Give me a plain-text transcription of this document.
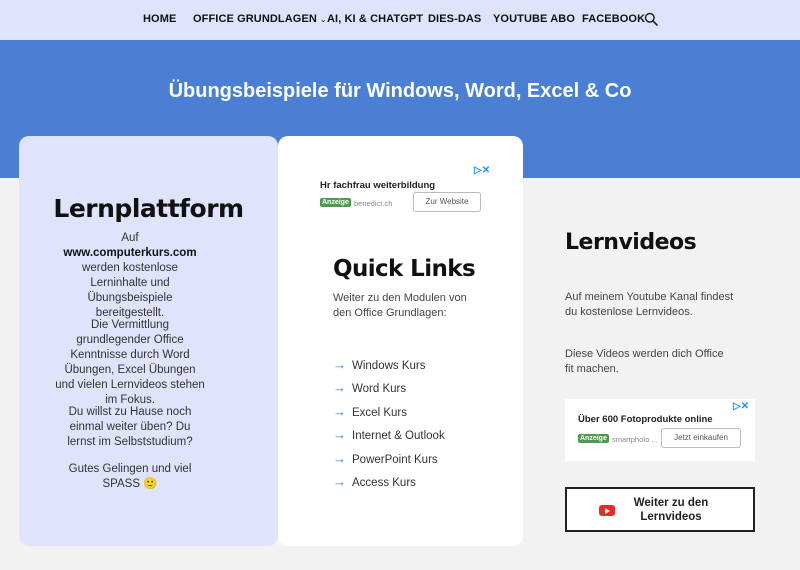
HOME OFFICE GRUNDLAGEN ⌄ AI, KI & CHATGPT DIES-DAS YOUTUBE ABO FACEBOOK
Übungsbeispiele für Windows, Word, Excel & Co
Lernplattform
Auf www.computerkurs.com werden kostenlose Lerninhalte und Übungsbeispiele bereitgestellt.
Die Vermittlung grundlegender Office Kenntnisse durch Word Übungen, Excel Übungen und vielen Lernvideos stehen im Fokus.
Du willst zu Hause noch einmal weiter üben? Du lernst im Selbststudium?
Gutes Gelingen und viel SPASS 🙂
▷✕
Hr fachfrau weiterbildung
Anzeige benedict.ch	Zur Website
Quick Links
Weiter zu den Modulen von den Office Grundlagen:
→ Windows Kurs
→ Word Kurs
→ Excel Kurs
→ Internet & Outlook
→ PowerPoint Kurs
→ Access Kurs
Lernvideos
Auf meinem Youtube Kanal findest du kostenlose Lernvideos.
Diese Videos werden dich Office fit machen.
▷✕
Über 600 Fotoprodukte online
Anzeige smartphoto ...	Jetzt einkaufen
Weiter zu den Lernvideos
